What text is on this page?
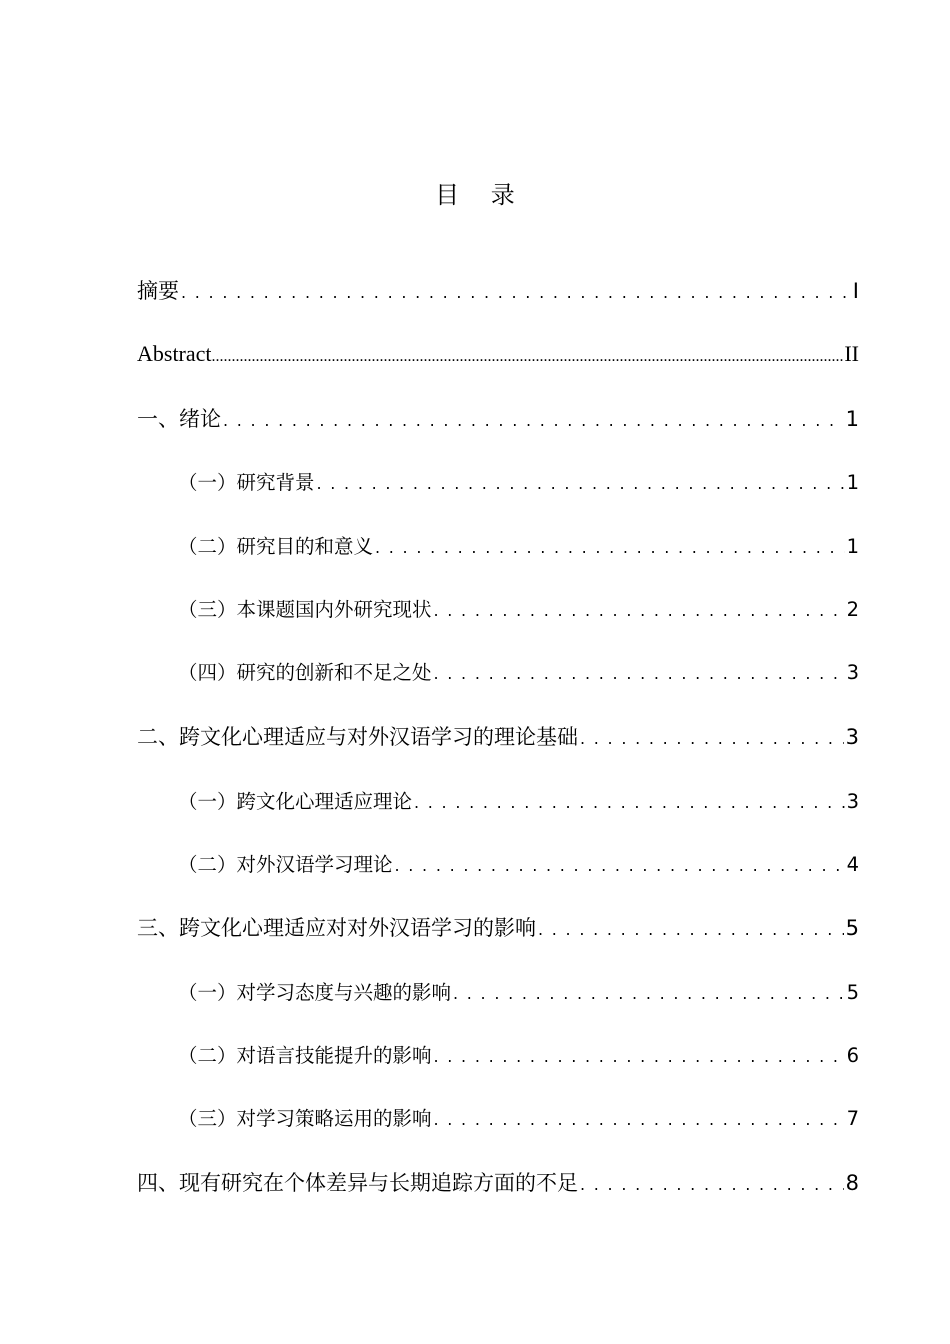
目 录
摘要 . . .	I
Abstract .....	II
一、绪论 . . .	1
（一）研究背景 . . .	1
（二）研究目的和意义 . . .	1
（三）本课题国内外研究现状 . . .	2
（四）研究的创新和不足之处 . . .	3
二、跨文化心理适应与对外汉语学习的理论基础 . . .	3
（一）跨文化心理适应理论 . . .	3
（二）对外汉语学习理论 . . .	4
三、跨文化心理适应对对外汉语学习的影响 . . .	5
（一）对学习态度与兴趣的影响 . . .	5
（二）对语言技能提升的影响 . . .	6
（三）对学习策略运用的影响 . . .	7
四、现有研究在个体差异与长期追踪方面的不足 . . .	8
